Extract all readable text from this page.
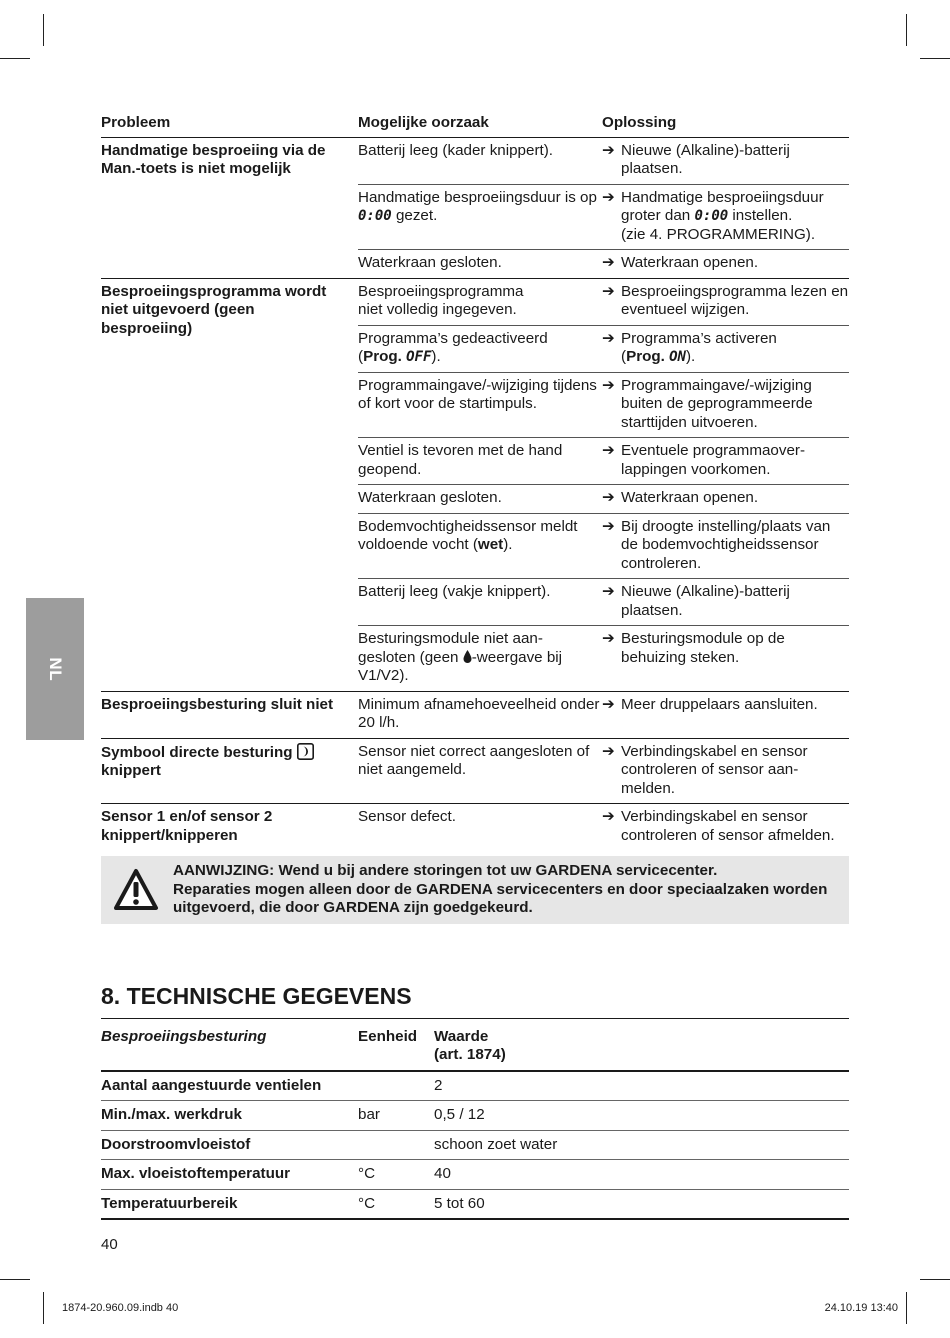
NL
Probleem	Mogelijke oorzaak	Oplossing
Handmatige besproeiing via de Man.-toets is niet mogelijk	Batterij leeg (kader knippert).	➔ Nieuwe (Alkaline)-batterij plaatsen.

	Handmatige besproeiingsduur is op 0:00 gezet.	➔ Handmatige besproeiingsduur groter dan 0:00 instellen.
(zie 4. PROGRAMMERING).

	Waterkraan gesloten.	➔ Waterkraan openen.

Besproeiingsprogramma wordt niet uitgevoerd (geen besproeiing)	Besproeiingsprogramma
niet volledig ingegeven.	➔ Besproeiingsprogramma lezen en eventueel wijzigen.

	Programma’s gedeactiveerd
(Prog. OFF).	➔ Programma’s activeren
(Prog. ON).

	Programmaingave/-wijziging tijdens of kort voor de startimpuls.	➔ Programmaingave/-wijziging buiten de geprogrammeerde starttijden uitvoeren.

	Ventiel is tevoren met de hand geopend.	➔ Eventuele programmaover-
lappingen voorkomen.

	Waterkraan gesloten.	➔ Waterkraan openen.

	Bodemvochtigheidssensor meldt voldoende vocht (wet).	➔ Bij droogte instelling/plaats van de bodemvochtigheidssensor controleren.

	Batterij leeg (vakje knippert).	➔ Nieuwe (Alkaline)-batterij plaatsen.

	Besturingsmodule niet aan-
gesloten (geen -weergave bij V1/V2).	➔ Besturingsmodule op de behuizing steken.

Besproeiingsbesturing sluit niet	Minimum afnamehoeveelheid onder 20 l/h.	➔ Meer druppelaars aansluiten.

Symbool directe besturing  knippert	Sensor niet correct aangesloten of niet aangemeld.	➔ Verbindingskabel en sensor controleren of sensor aan-
melden.

Sensor 1 en/of sensor 2 knippert/knipperen	Sensor defect.	➔ Verbindingskabel en sensor controleren of sensor afmelden.
AANWIJZING: Wend u bij andere storingen tot uw GARDENA servicecenter.
Reparaties mogen alleen door de GARDENA servicecenters en door speciaalzaken worden uitgevoerd, die door GARDENA zijn goedgekeurd.
8. TECHNISCHE GEGEVENS
Besproeiingsbesturing	Eenheid	Waarde
(art. 1874)

Aantal aangestuurde ventielen		2
Min./max. werkdruk	bar	0,5 / 12
Doorstroomvloeistof		schoon zoet water
Max. vloeistoftemperatuur	°C	40
Temperatuurbereik	°C	5 tot 60
40
1874-20.960.09.indb 40	24.10.19 13:40
